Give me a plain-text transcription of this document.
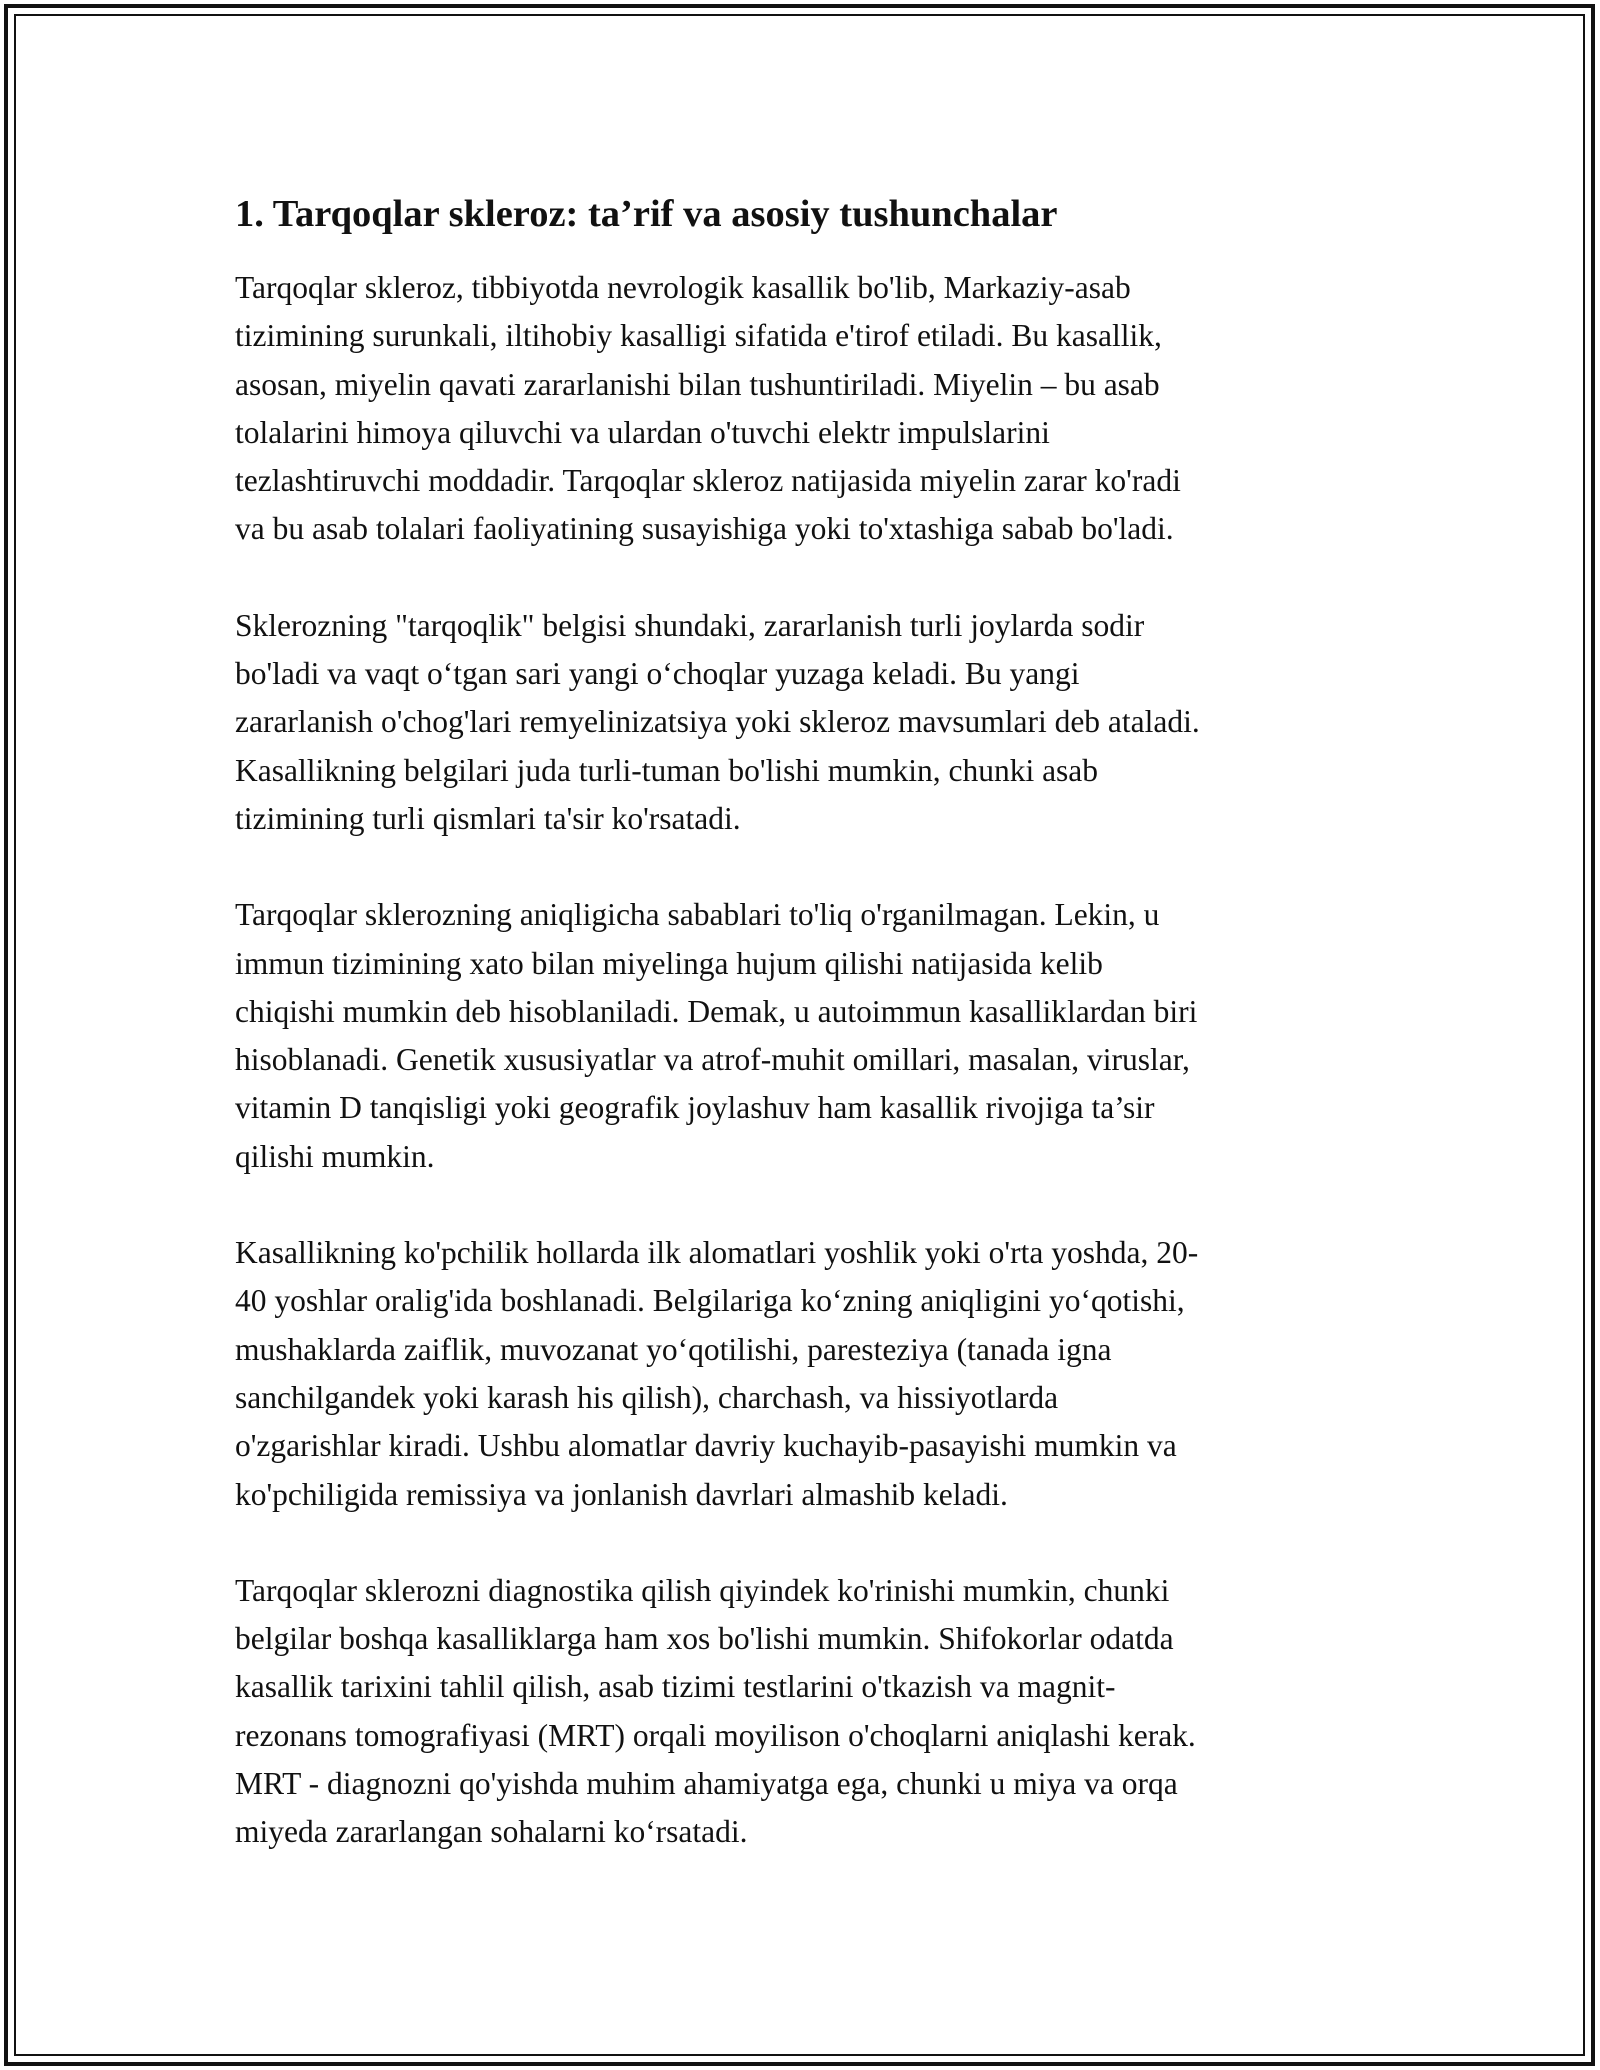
1. Tarqoqlar skleroz: ta’rif va asosiy tushunchalar

Tarqoqlar skleroz, tibbiyotda nevrologik kasallik bo'lib, Markaziy-asab
tizimining surunkali, iltihobiy kasalligi sifatida e'tirof etiladi. Bu kasallik,
asosan, miyelin qavati zararlanishi bilan tushuntiriladi. Miyelin – bu asab
tolalarini himoya qiluvchi va ulardan o'tuvchi elektr impulslarini
tezlashtiruvchi moddadir. Tarqoqlar skleroz natijasida miyelin zarar ko'radi
va bu asab tolalari faoliyatining susayishiga yoki to'xtashiga sabab bo'ladi.

Sklerozning "tarqoqlik" belgisi shundaki, zararlanish turli joylarda sodir
bo'ladi va vaqt o‘tgan sari yangi o‘choqlar yuzaga keladi. Bu yangi
zararlanish o'chog'lari remyelinizatsiya yoki skleroz mavsumlari deb ataladi.
Kasallikning belgilari juda turli-tuman bo'lishi mumkin, chunki asab
tizimining turli qismlari ta'sir ko'rsatadi.

Tarqoqlar sklerozning aniqligicha sabablari to'liq o'rganilmagan. Lekin, u
immun tizimining xato bilan miyelinga hujum qilishi natijasida kelib
chiqishi mumkin deb hisoblaniladi. Demak, u autoimmun kasalliklardan biri
hisoblanadi. Genetik xususiyatlar va atrof-muhit omillari, masalan, viruslar,
vitamin D tanqisligi yoki geografik joylashuv ham kasallik rivojiga ta’sir
qilishi mumkin.

Kasallikning ko'pchilik hollarda ilk alomatlari yoshlik yoki o'rta yoshda, 20-
40 yoshlar oralig'ida boshlanadi. Belgilariga ko‘zning aniqligini yo‘qotishi,
mushaklarda zaiflik, muvozanat yo‘qotilishi, paresteziya (tanada igna
sanchilgandek yoki karash his qilish), charchash, va hissiyotlarda
o'zgarishlar kiradi. Ushbu alomatlar davriy kuchayib-pasayishi mumkin va
ko'pchiligida remissiya va jonlanish davrlari almashib keladi.

Tarqoqlar sklerozni diagnostika qilish qiyindek ko'rinishi mumkin, chunki
belgilar boshqa kasalliklarga ham xos bo'lishi mumkin. Shifokorlar odatda
kasallik tarixini tahlil qilish, asab tizimi testlarini o'tkazish va magnit-
rezonans tomografiyasi (MRT) orqali moyilison o'choqlarni aniqlashi kerak.
MRT - diagnozni qo'yishda muhim ahamiyatga ega, chunki u miya va orqa
miyeda zararlangan sohalarni ko‘rsatadi.
